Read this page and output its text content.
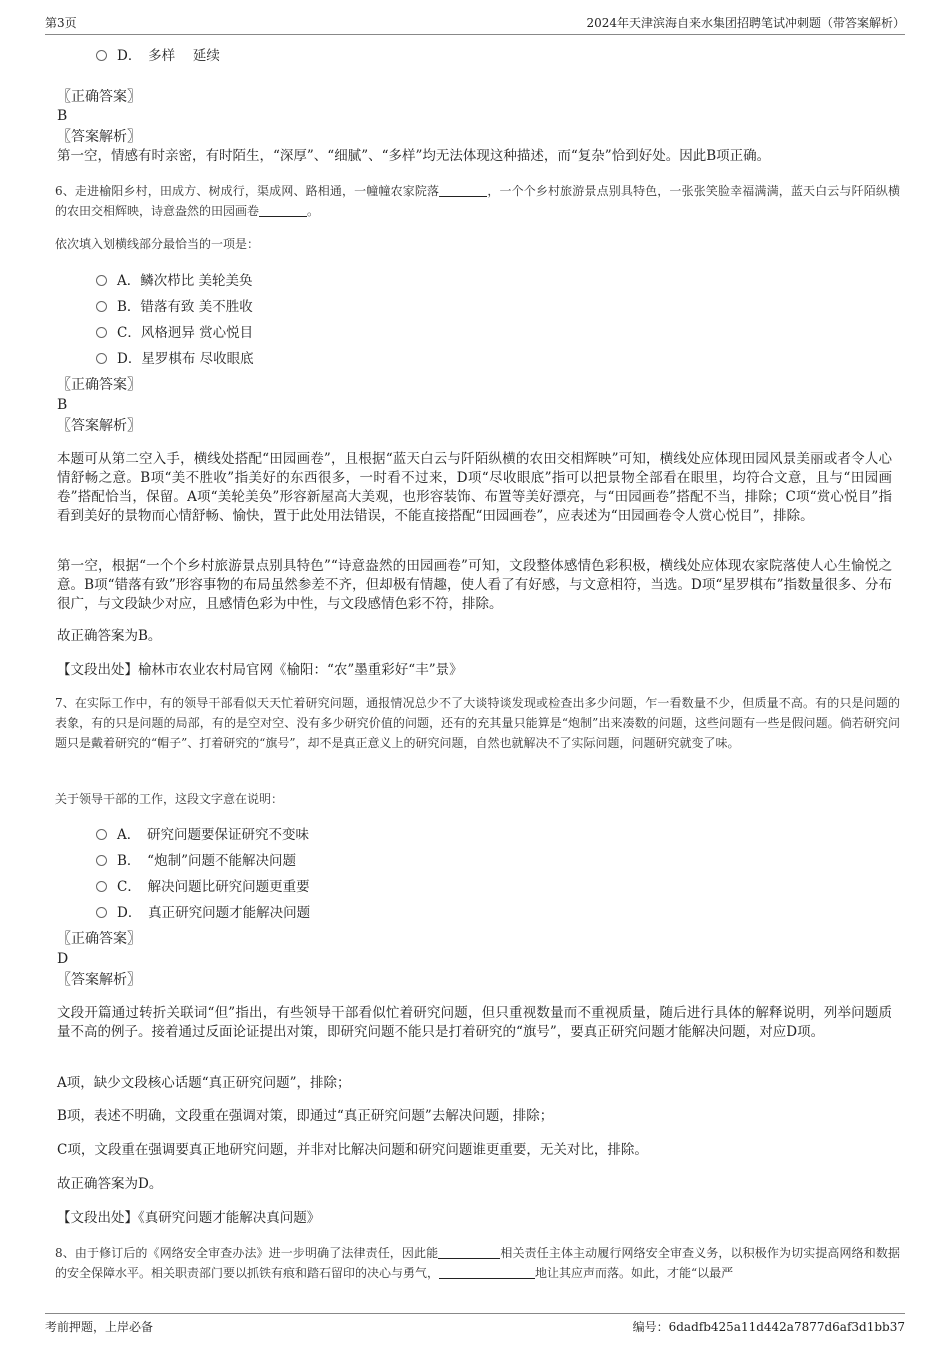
第3页	2024年天津滨海自来水集团招聘笔试冲刺题（带答案解析）
D．　多样　 延续
〖正确答案〗
B
〖答案解析〗
第一空，情感有时亲密，有时陌生，“深厚”、“细腻”、“多样”均无法体现这种描述，而“复杂”恰到好处。因此B项正确。
6、走进榆阳乡村，田成方、树成行，渠成网、路相通，一幢幢农家院落	，一个个乡村旅游景点别具特色，一张张笑脸幸福满满，蓝天白云与阡陌纵横的农田交相辉映，诗意盎然的田园画卷	。
依次填入划横线部分最恰当的一项是：
A．鳞次栉比 美轮美奂
B．错落有致 美不胜收
C．风格迥异 赏心悦目
D．星罗棋布 尽收眼底
〖正确答案〗
B
〖答案解析〗
本题可从第二空入手，横线处搭配“田园画卷”，且根据“蓝天白云与阡陌纵横的农田交相辉映”可知，横线处应体现田园风景美丽或者令人心情舒畅之意。B项“美不胜收”指美好的东西很多，一时看不过来，D项“尽收眼底”指可以把景物全部看在眼里，均符合文意，且与“田园画卷”搭配恰当，保留。A项“美轮美奂”形容新屋高大美观，也形容装饰、布置等美好漂亮，与“田园画卷”搭配不当，排除；C项“赏心悦目”指看到美好的景物而心情舒畅、愉快，置于此处用法错误，不能直接搭配“田园画卷”，应表述为“田园画卷令人赏心悦目”，排除。
第一空，根据“一个个乡村旅游景点别具特色”“诗意盎然的田园画卷”可知，文段整体感情色彩积极，横线处应体现农家院落使人心生愉悦之意。B项“错落有致”形容事物的布局虽然参差不齐，但却极有情趣，使人看了有好感，与文意相符，当选。D项“星罗棋布”指数量很多、分布很广，与文段缺少对应，且感情色彩为中性，与文段感情色彩不符，排除。
故正确答案为B。
【文段出处】榆林市农业农村局官网《榆阳：“农”墨重彩好“丰”景》
7、在实际工作中，有的领导干部看似天天忙着研究问题，通报情况总少不了大谈特谈发现或检查出多少问题，乍一看数量不少，但质量不高。有的只是问题的表象，有的只是问题的局部，有的是空对空、没有多少研究价值的问题，还有的充其量只能算是“炮制”出来凑数的问题，这些问题有一些是假问题。倘若研究问题只是戴着研究的“帽子”、打着研究的“旗号”，却不是真正意义上的研究问题，自然也就解决不了实际问题，问题研究就变了味。
关于领导干部的工作，这段文字意在说明：
A．　研究问题要保证研究不变味
B．　“炮制”问题不能解决问题
C．　解决问题比研究问题更重要
D．　真正研究问题才能解决问题
〖正确答案〗
D
〖答案解析〗
文段开篇通过转折关联词“但”指出，有些领导干部看似忙着研究问题，但只重视数量而不重视质量，随后进行具体的解释说明，列举问题质量不高的例子。接着通过反面论证提出对策，即研究问题不能只是打着研究的“旗号”，要真正研究问题才能解决问题，对应D项。
A项，缺少文段核心话题“真正研究问题”，排除；
B项，表述不明确，文段重在强调对策，即通过“真正研究问题”去解决问题，排除；
C项，文段重在强调要真正地研究问题，并非对比解决问题和研究问题谁更重要，无关对比，排除。
故正确答案为D。
【文段出处】《真研究问题才能解决真问题》
8、由于修订后的《网络安全审查办法》进一步明确了法律责任，因此能	相关责任主体主动履行网络安全审查义务，以积极作为切实提高网络和数据的安全保障水平。相关职责部门要以抓铁有痕和踏石留印的决心与勇气，	地让其应声而落。如此，才能“以最严
考前押题，上岸必备	编号：6dadfb425a11d442a7877d6af3d1bb37
